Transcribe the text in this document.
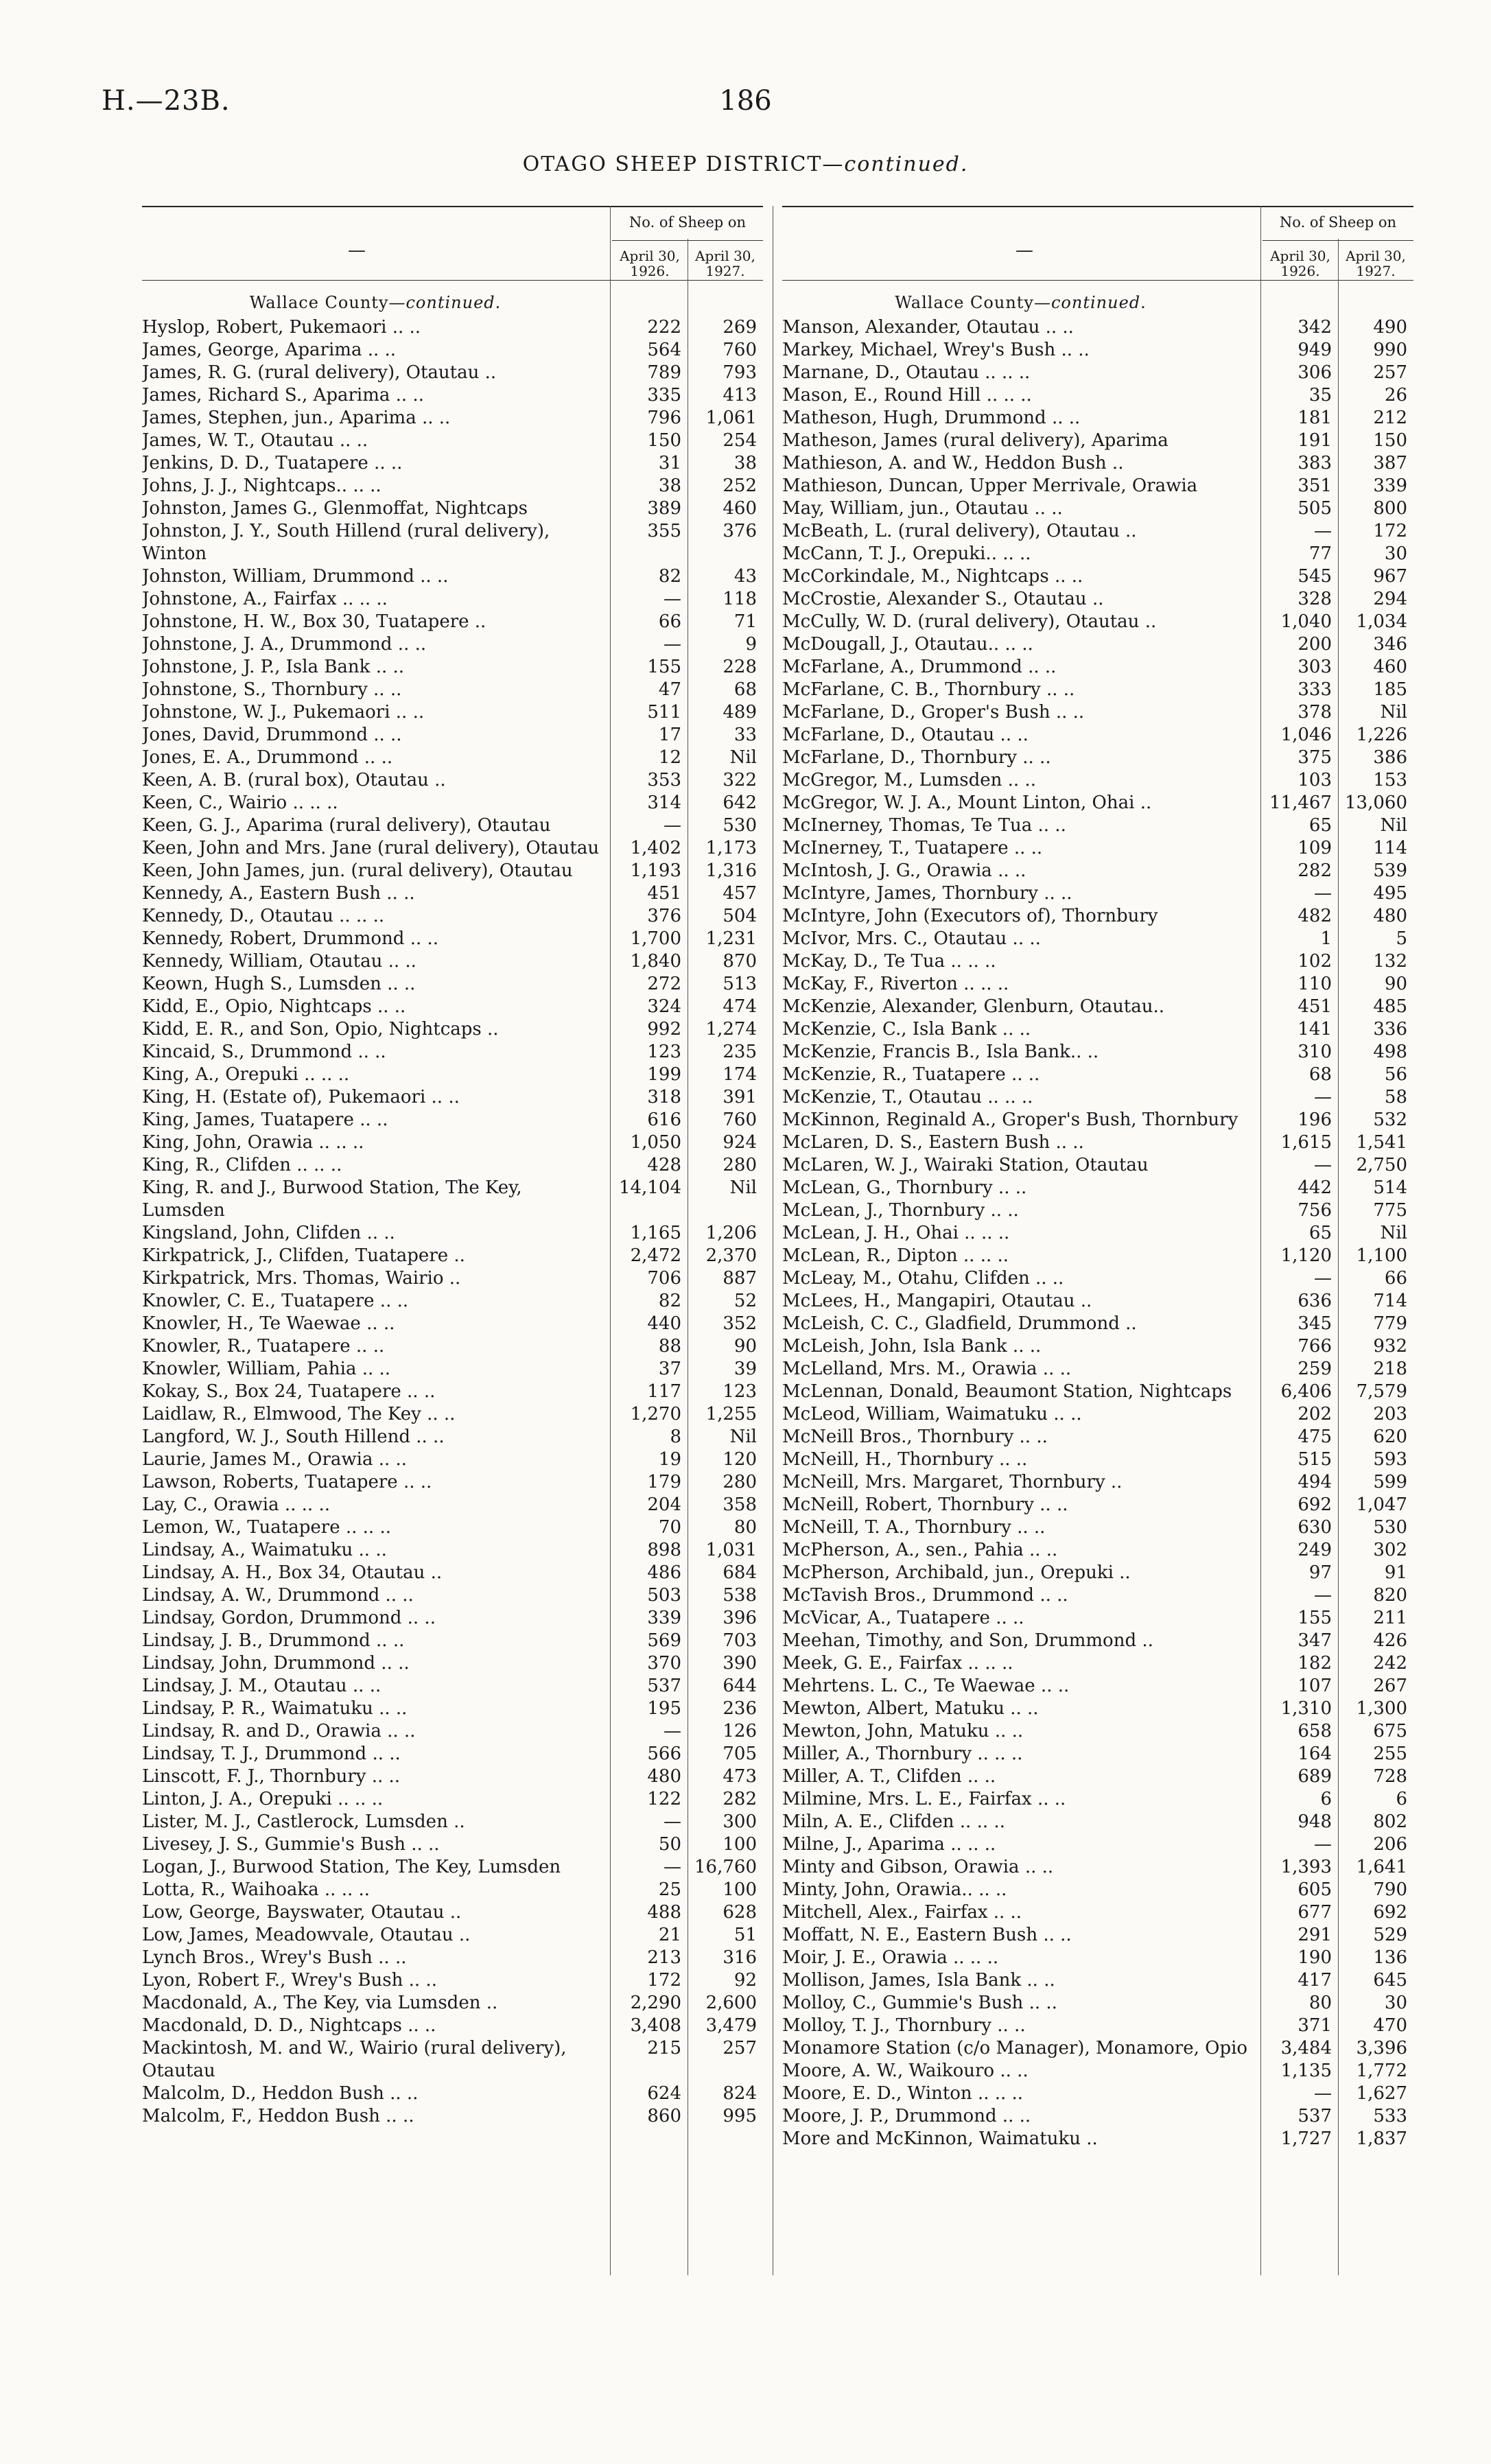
H.—23B.	186
OTAGO SHEEP DISTRICT—continued.
—
No. of Sheep on
April 30,
1926.
April 30,
1927.
Wallace County—continued.
Hyslop, Robert, Pukemaori .. ..	222	269
James, George, Aparima .. ..	564	760
James, R. G. (rural delivery), Otautau ..	789	793
James, Richard S., Aparima .. ..	335	413
James, Stephen, jun., Aparima .. ..	796	1,061
James, W. T., Otautau .. ..	150	254
Jenkins, D. D., Tuatapere .. ..	31	38
Johns, J. J., Nightcaps.. .. ..	38	252
Johnston, James G., Glenmoffat, Nightcaps	389	460
Johnston, J. Y., South Hillend (rural delivery), Winton
355	376
Johnston, William, Drummond .. ..	82	43
Johnstone, A., Fairfax .. .. ..	—	118
Johnstone, H. W., Box 30, Tuatapere ..	66	71
Johnstone, J. A., Drummond .. ..	—	9
Johnstone, J. P., Isla Bank .. ..	155	228
Johnstone, S., Thornbury .. ..	47	68
Johnstone, W. J., Pukemaori .. ..	511	489
Jones, David, Drummond .. ..	17	33
Jones, E. A., Drummond .. ..	12	Nil
Keen, A. B. (rural box), Otautau ..	353	322
Keen, C., Wairio .. .. ..	314	642
Keen, G. J., Aparima (rural delivery), Otautau	—	530
Keen, John and Mrs. Jane (rural delivery), Otautau	1,402	1,173
Keen, John James, jun. (rural delivery), Otautau	1,193	1,316
Kennedy, A., Eastern Bush .. ..	451	457
Kennedy, D., Otautau .. .. ..	376	504
Kennedy, Robert, Drummond .. ..	1,700	1,231
Kennedy, William, Otautau .. ..	1,840	870
Keown, Hugh S., Lumsden .. ..	272	513
Kidd, E., Opio, Nightcaps .. ..	324	474
Kidd, E. R., and Son, Opio, Nightcaps ..	992	1,274
Kincaid, S., Drummond .. ..	123	235
King, A., Orepuki .. .. ..	199	174
King, H. (Estate of), Pukemaori .. ..	318	391
King, James, Tuatapere .. ..	616	760
King, John, Orawia .. .. ..	1,050	924
King, R., Clifden .. .. ..	428	280
King, R. and J., Burwood Station, The Key, Lumsden
14,104	Nil
Kingsland, John, Clifden .. ..	1,165	1,206
Kirkpatrick, J., Clifden, Tuatapere ..	2,472	2,370
Kirkpatrick, Mrs. Thomas, Wairio ..	706	887
Knowler, C. E., Tuatapere .. ..	82	52
Knowler, H., Te Waewae .. ..	440	352
Knowler, R., Tuatapere .. ..	88	90
Knowler, William, Pahia .. ..	37	39
Kokay, S., Box 24, Tuatapere .. ..	117	123
Laidlaw, R., Elmwood, The Key .. ..	1,270	1,255
Langford, W. J., South Hillend .. ..	8	Nil
Laurie, James M., Orawia .. ..	19	120
Lawson, Roberts, Tuatapere .. ..	179	280
Lay, C., Orawia .. .. ..	204	358
Lemon, W., Tuatapere .. .. ..	70	80
Lindsay, A., Waimatuku .. ..	898	1,031
Lindsay, A. H., Box 34, Otautau ..	486	684
Lindsay, A. W., Drummond .. ..	503	538
Lindsay, Gordon, Drummond .. ..	339	396
Lindsay, J. B., Drummond .. ..	569	703
Lindsay, John, Drummond .. ..	370	390
Lindsay, J. M., Otautau .. ..	537	644
Lindsay, P. R., Waimatuku .. ..	195	236
Lindsay, R. and D., Orawia .. ..	—	126
Lindsay, T. J., Drummond .. ..	566	705
Linscott, F. J., Thornbury .. ..	480	473
Linton, J. A., Orepuki .. .. ..	122	282
Lister, M. J., Castlerock, Lumsden ..	—	300
Livesey, J. S., Gummie's Bush .. ..	50	100
Logan, J., Burwood Station, The Key, Lumsden	— 16,760
Lotta, R., Waihoaka .. .. ..	25	100
Low, George, Bayswater, Otautau ..	488	628
Low, James, Meadowvale, Otautau ..	21	51
Lynch Bros., Wrey's Bush .. ..	213	316
Lyon, Robert F., Wrey's Bush .. ..	172	92
Macdonald, A., The Key, via Lumsden ..	2,290	2,600
Macdonald, D. D., Nightcaps .. ..	3,408	3,479
Mackintosh, M. and W., Wairio (rural delivery), Otautau
215	257
Malcolm, D., Heddon Bush .. ..	624	824
Malcolm, F., Heddon Bush .. ..	860	995
—
No. of Sheep on
April 30,
1926.
April 30,
1927.
Wallace County—continued.
Manson, Alexander, Otautau .. ..	342	490
Markey, Michael, Wrey's Bush .. ..	949	990
Marnane, D., Otautau .. .. ..	306	257
Mason, E., Round Hill .. .. ..	35	26
Matheson, Hugh, Drummond .. ..	181	212
Matheson, James (rural delivery), Aparima	191	150
Mathieson, A. and W., Heddon Bush ..	383	387
Mathieson, Duncan, Upper Merrivale, Orawia	351	339
May, William, jun., Otautau .. ..	505	800
McBeath, L. (rural delivery), Otautau ..	—	172
McCann, T. J., Orepuki.. .. ..	77	30
McCorkindale, M., Nightcaps .. ..	545	967
McCrostie, Alexander S., Otautau ..	328	294
McCully, W. D. (rural delivery), Otautau ..	1,040	1,034
McDougall, J., Otautau.. .. ..	200	346
McFarlane, A., Drummond .. ..	303	460
McFarlane, C. B., Thornbury .. ..	333	185
McFarlane, D., Groper's Bush .. ..	378	Nil
McFarlane, D., Otautau .. ..	1,046	1,226
McFarlane, D., Thornbury .. ..	375	386
McGregor, M., Lumsden .. ..	103	153
McGregor, W. J. A., Mount Linton, Ohai ..	11,467 13,060
McInerney, Thomas, Te Tua .. ..	65	Nil
McInerney, T., Tuatapere .. ..	109	114
McIntosh, J. G., Orawia .. ..	282	539
McIntyre, James, Thornbury .. ..	—	495
McIntyre, John (Executors of), Thornbury	482	480
McIvor, Mrs. C., Otautau .. ..	1	5
McKay, D., Te Tua .. .. ..	102	132
McKay, F., Riverton .. .. ..	110	90
McKenzie, Alexander, Glenburn, Otautau..	451	485
McKenzie, C., Isla Bank .. ..	141	336
McKenzie, Francis B., Isla Bank.. ..	310	498
McKenzie, R., Tuatapere .. ..	68	56
McKenzie, T., Otautau .. .. ..	—	58
McKinnon, Reginald A., Groper's Bush, Thornbury	196	532
McLaren, D. S., Eastern Bush .. ..	1,615	1,541
McLaren, W. J., Wairaki Station, Otautau	—	2,750
McLean, G., Thornbury .. ..	442	514
McLean, J., Thornbury .. ..	756	775
McLean, J. H., Ohai .. .. ..	65	Nil
McLean, R., Dipton .. .. ..	1,120	1,100
McLeay, M., Otahu, Clifden .. ..	—	66
McLees, H., Mangapiri, Otautau ..	636	714
McLeish, C. C., Gladfield, Drummond ..	345	779
McLeish, John, Isla Bank .. ..	766	932
McLelland, Mrs. M., Orawia .. ..	259	218
McLennan, Donald, Beaumont Station, Nightcaps	6,406	7,579
McLeod, William, Waimatuku .. ..	202	203
McNeill Bros., Thornbury .. ..	475	620
McNeill, H., Thornbury .. ..	515	593
McNeill, Mrs. Margaret, Thornbury ..	494	599
McNeill, Robert, Thornbury .. ..	692	1,047
McNeill, T. A., Thornbury .. ..	630	530
McPherson, A., sen., Pahia .. ..	249	302
McPherson, Archibald, jun., Orepuki ..	97	91
McTavish Bros., Drummond .. ..	—	820
McVicar, A., Tuatapere .. ..	155	211
Meehan, Timothy, and Son, Drummond ..	347	426
Meek, G. E., Fairfax .. .. ..	182	242
Mehrtens. L. C., Te Waewae .. ..	107	267
Mewton, Albert, Matuku .. ..	1,310	1,300
Mewton, John, Matuku .. ..	658	675
Miller, A., Thornbury .. .. ..	164	255
Miller, A. T., Clifden .. ..	689	728
Milmine, Mrs. L. E., Fairfax .. ..	6	6
Miln, A. E., Clifden .. .. ..	948	802
Milne, J., Aparima .. .. ..	—	206
Minty and Gibson, Orawia .. ..	1,393	1,641
Minty, John, Orawia.. .. ..	605	790
Mitchell, Alex., Fairfax .. ..	677	692
Moffatt, N. E., Eastern Bush .. ..	291	529
Moir, J. E., Orawia .. .. ..	190	136
Mollison, James, Isla Bank .. ..	417	645
Molloy, C., Gummie's Bush .. ..	80	30
Molloy, T. J., Thornbury .. ..	371	470
Monamore Station (c/o Manager), Monamore, Opio	3,484	3,396
Moore, A. W., Waikouro .. ..	1,135	1,772
Moore, E. D., Winton .. .. ..	—	1,627
Moore, J. P., Drummond .. ..	537	533
More and McKinnon, Waimatuku ..	1,727	1,837
